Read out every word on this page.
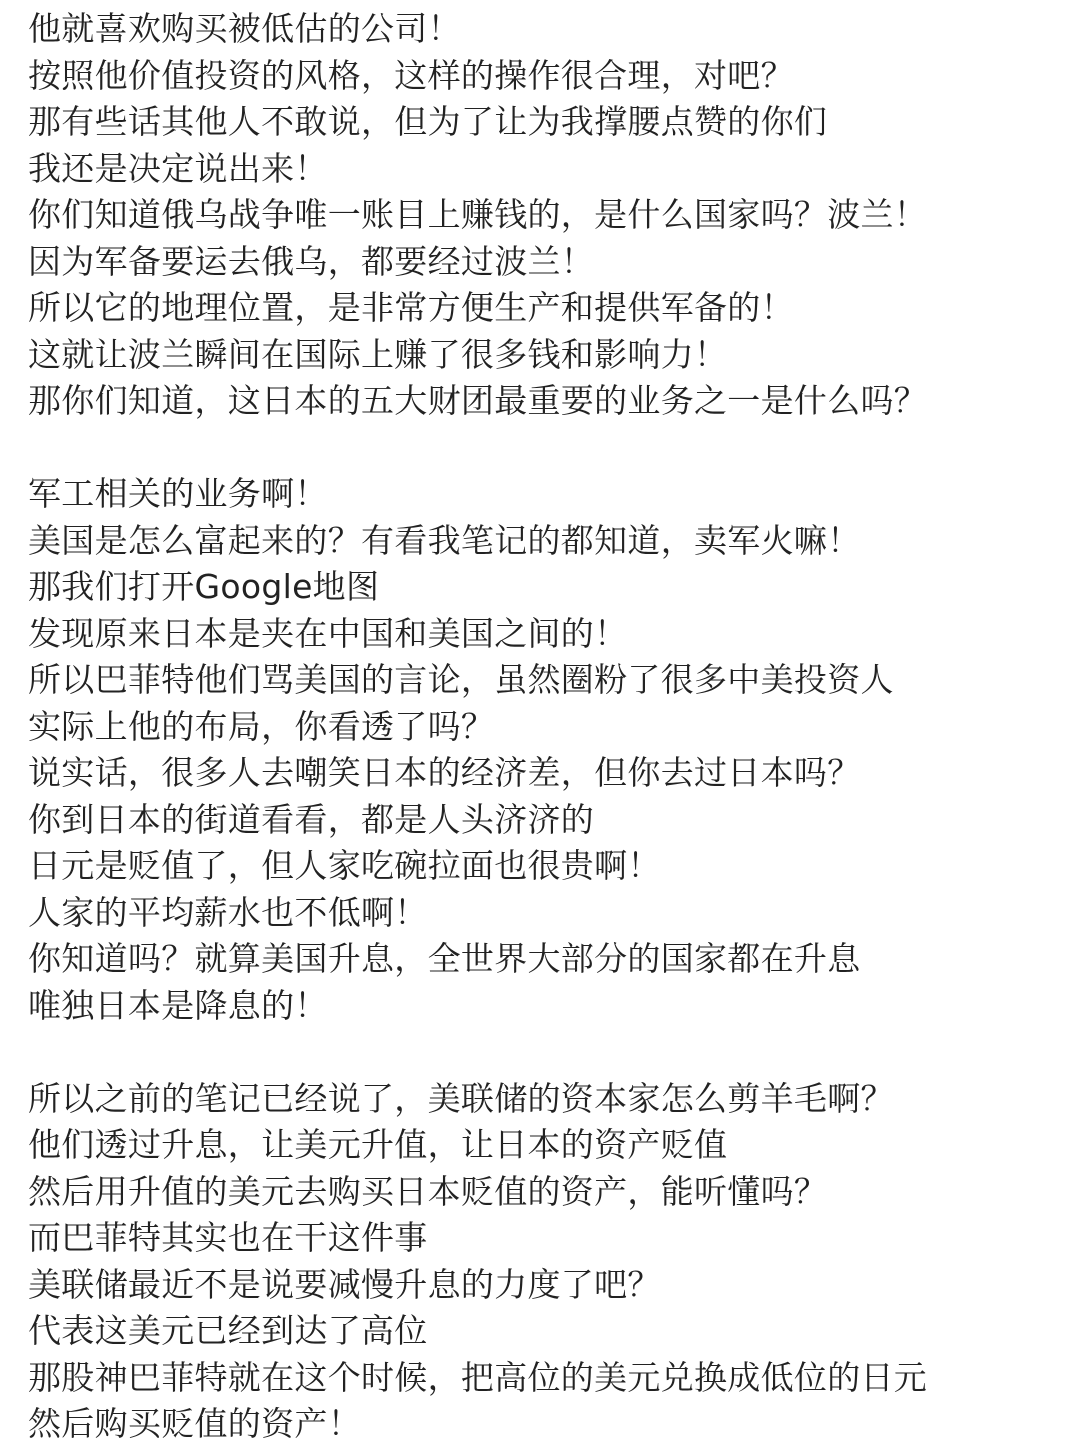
他就喜欢购买被低估的公司！
按照他价值投资的风格，这样的操作很合理，对吧？
那有些话其他人不敢说，但为了让为我撑腰点赞的你们
我还是决定说出来！
你们知道俄乌战争唯一账目上赚钱的，是什么国家吗？波兰！
因为军备要运去俄乌，都要经过波兰！
所以它的地理位置，是非常方便生产和提供军备的！
这就让波兰瞬间在国际上赚了很多钱和影响力！
那你们知道，这日本的五大财团最重要的业务之一是什么吗？
军工相关的业务啊！
美国是怎么富起来的？有看我笔记的都知道，卖军火嘛！
那我们打开Google地图
发现原来日本是夹在中国和美国之间的！
所以巴菲特他们骂美国的言论，虽然圈粉了很多中美投资人
实际上他的布局，你看透了吗？
说实话，很多人去嘲笑日本的经济差，但你去过日本吗？
你到日本的街道看看，都是人头济济的
日元是贬值了，但人家吃碗拉面也很贵啊！
人家的平均薪水也不低啊！
你知道吗？就算美国升息，全世界大部分的国家都在升息
唯独日本是降息的！
所以之前的笔记已经说了，美联储的资本家怎么剪羊毛啊？
他们透过升息，让美元升值，让日本的资产贬值
然后用升值的美元去购买日本贬值的资产，能听懂吗？
而巴菲特其实也在干这件事
美联储最近不是说要减慢升息的力度了吧？
代表这美元已经到达了高位
那股神巴菲特就在这个时候，把高位的美元兑换成低位的日元
然后购买贬值的资产！
